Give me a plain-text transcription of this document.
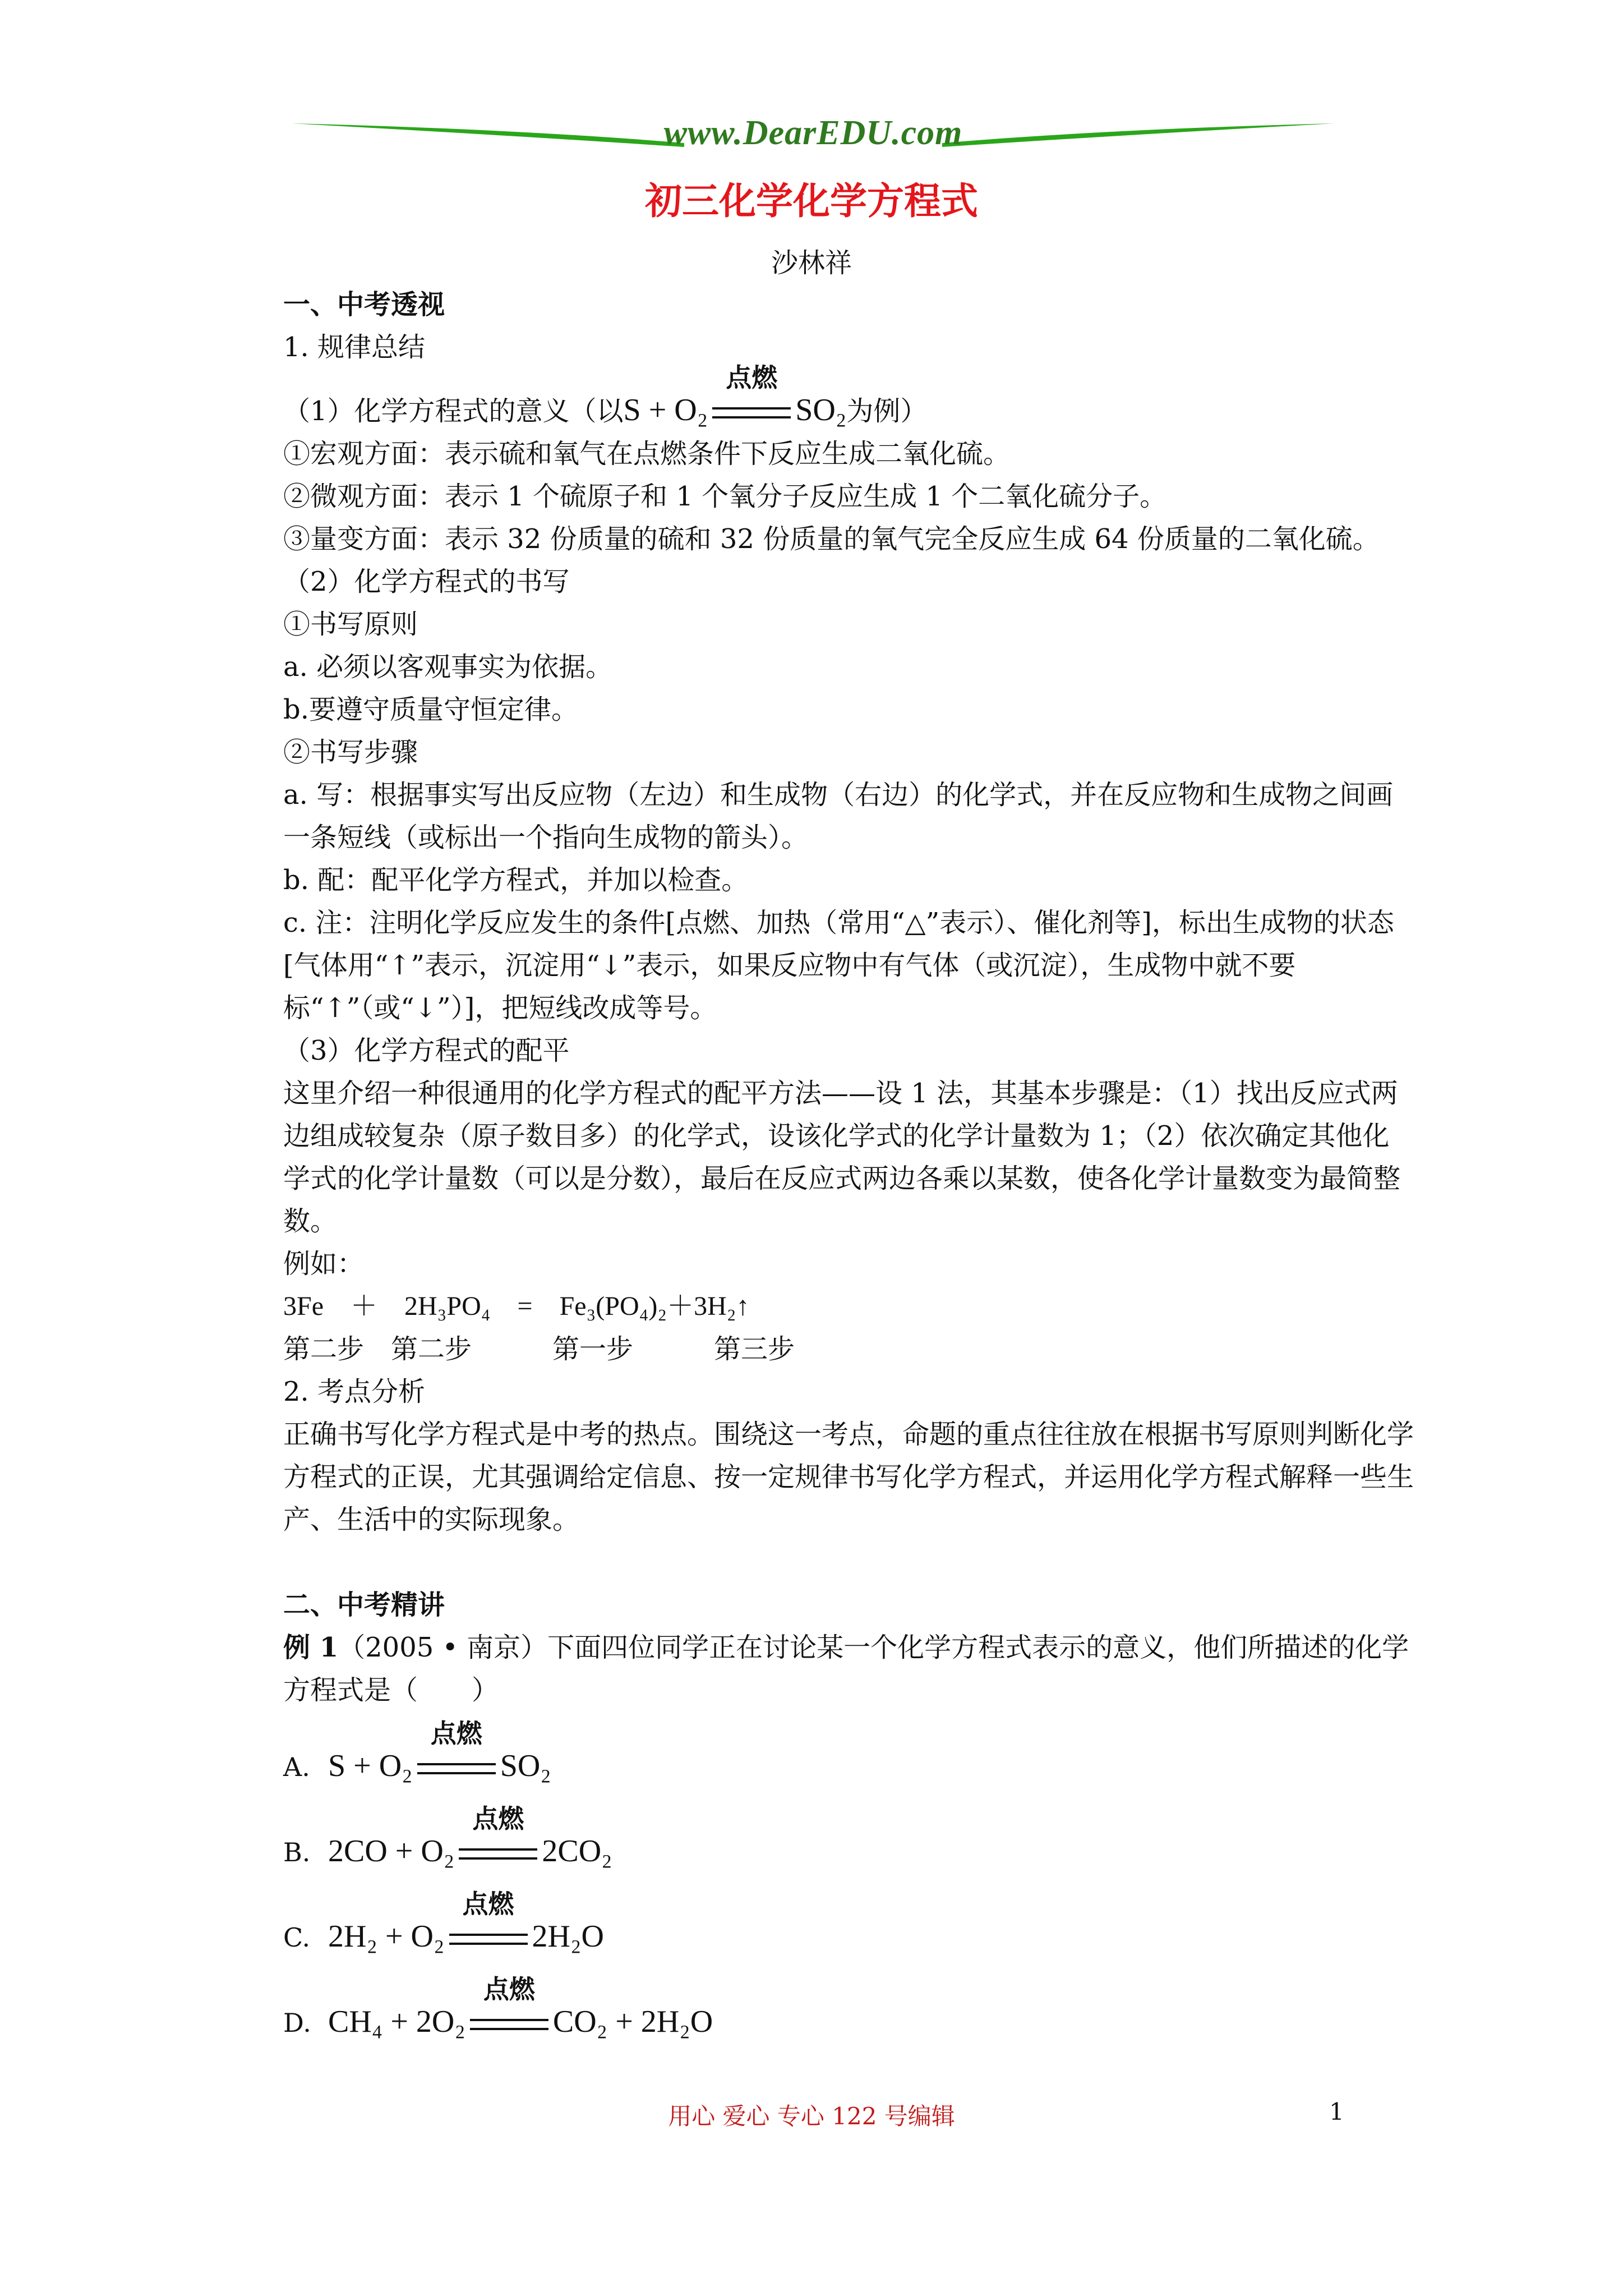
www.DearEDU.com
初三化学化学方程式
沙林祥

一、中考透视

1. 规律总结

（1）化学方程式的意义（以S + O₂
点燃
SO₂为例）

①宏观方面：表示硫和氧气在点燃条件下反应生成二氧化硫。

②微观方面：表示 1 个硫原子和 1 个氧分子反应生成 1 个二氧化硫分子。

③量变方面：表示 32 份质量的硫和 32 份质量的氧气完全反应生成 64 份质量的二氧化硫。

（2）化学方程式的书写

①书写原则

a. 必须以客观事实为依据。

b.要遵守质量守恒定律。

②书写步骤

a. 写：根据事实写出反应物（左边）和生成物（右边）的化学式，并在反应物和生成物之间画一条短线（或标出一个指向生成物的箭头）。

b. 配：配平化学方程式，并加以检查。

c. 注：注明化学反应发生的条件[点燃、加热（常用“△”表示）、催化剂等]，标出生成物的状态[气体用“↑”表示，沉淀用“↓”表示，如果反应物中有气体（或沉淀），生成物中就不要标“↑”（或“↓”）]，把短线改成等号。

（3）化学方程式的配平

这里介绍一种很通用的化学方程式的配平方法——设 1 法，其基本步骤是：（1）找出反应式两边组成较复杂（原子数目多）的化学式，设该化学式的化学计量数为 1；（2）依次确定其他化学式的化学计量数（可以是分数），最后在反应式两边各乘以某数，使各化学计量数变为最简整数。

例如：

3Fe　＋　2H₃PO₄　=　Fe₃(PO₄)₂＋3H₂↑

第二步　第二步　　　第一步　　　第三步

2. 考点分析

正确书写化学方程式是中考的热点。围绕这一考点，命题的重点往往放在根据书写原则判断化学方程式的正误，尤其强调给定信息、按一定规律书写化学方程式，并运用化学方程式解释一些生产、生活中的实际现象。

二、中考精讲

例 1（2005 • 南京）下面四位同学正在讨论某一个化学方程式表示的意义，他们所描述的化学方程式是（　　）

A. S + O₂
点燃
SO₂
B. 2CO + O₂
点燃
2CO₂
C. 2H₂ + O₂
点燃
2H₂O
D. CH₄ + 2O₂
点燃
CO₂ + 2H₂O
用心 爱心 专心 122 号编辑	1
